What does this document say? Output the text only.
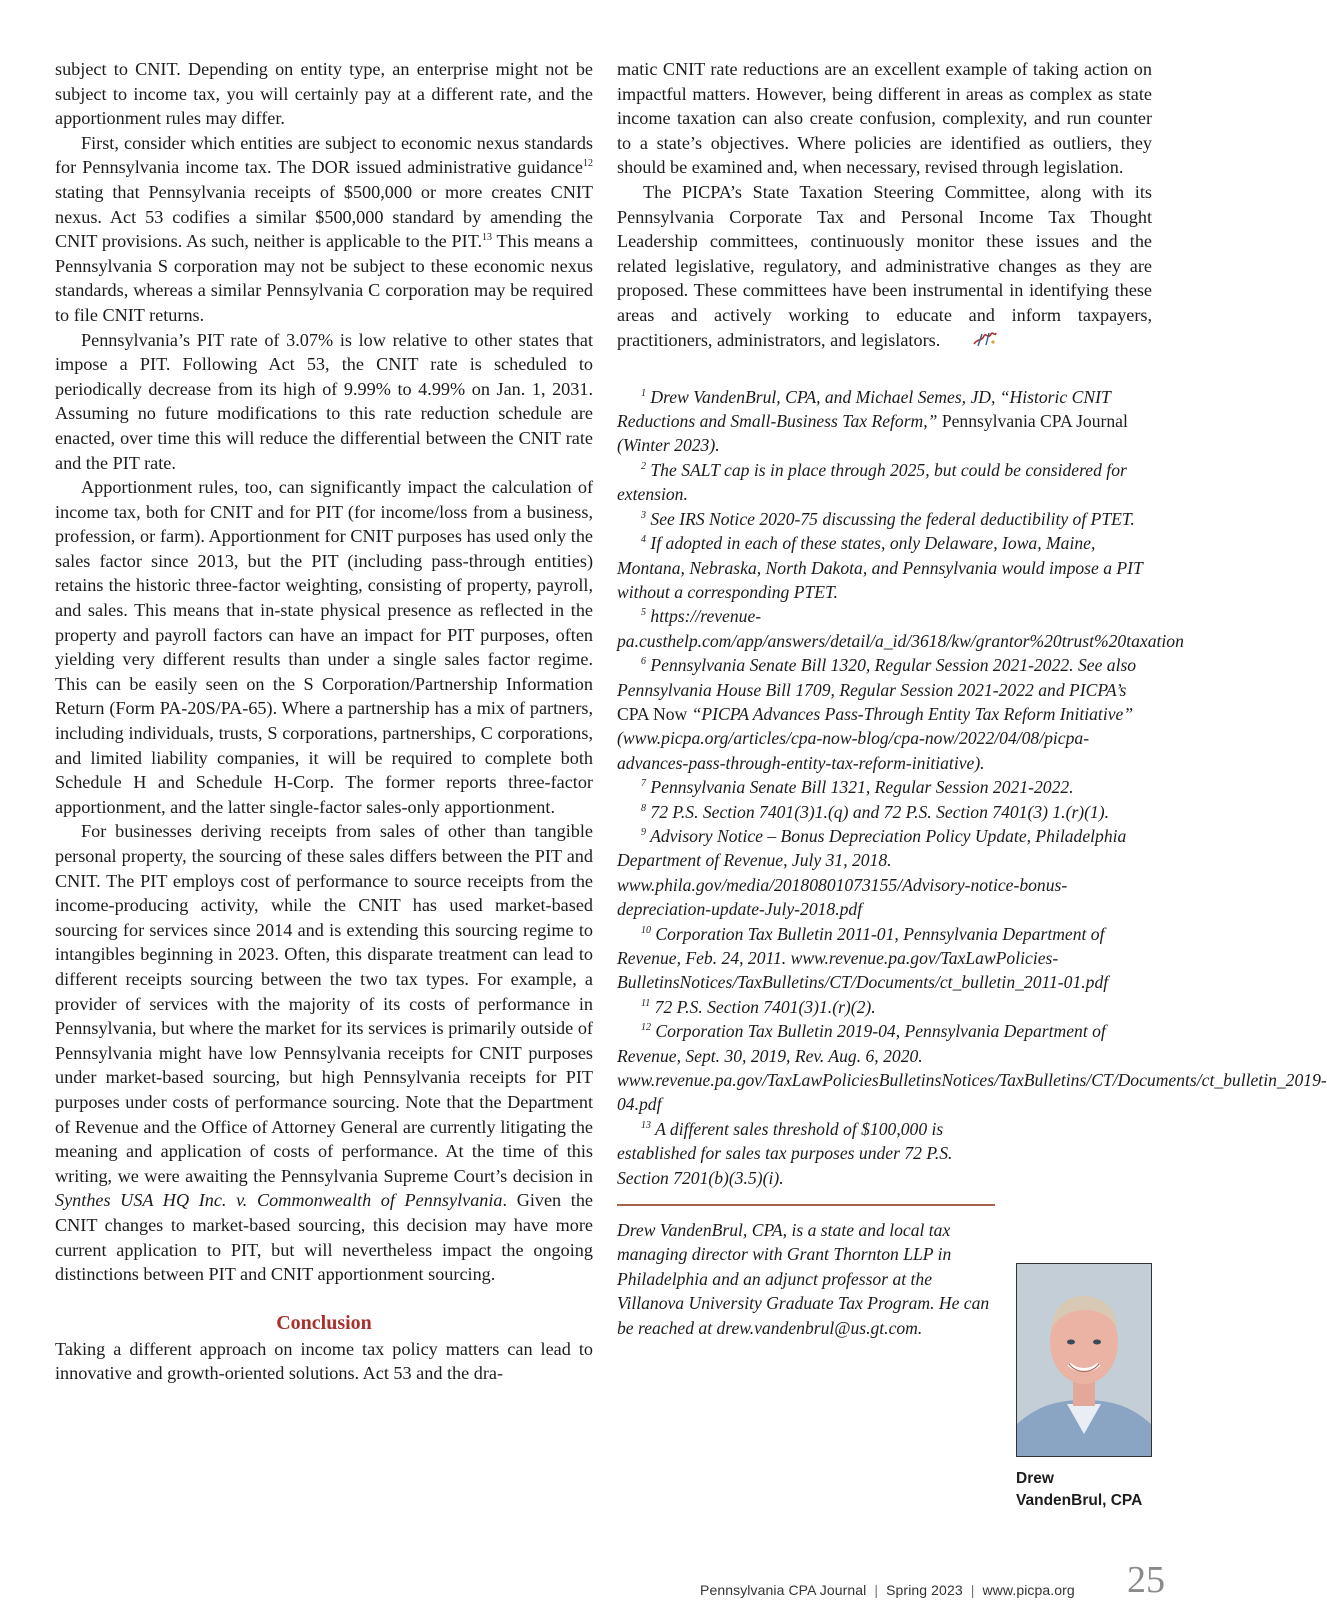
subject to CNIT. Depending on entity type, an enterprise might not be subject to income tax, you will certainly pay at a different rate, and the apportionment rules may differ.

First, consider which entities are subject to economic nexus standards for Pennsylvania income tax. The DOR issued administrative guidance$^{12}$ stating that Pennsylvania receipts of $500,000 or more creates CNIT nexus. Act 53 codifies a similar $500,000 standard by amending the CNIT provisions. As such, neither is applicable to the PIT.$^{13}$ This means a Pennsylvania S corporation may not be subject to these economic nexus standards, whereas a similar Pennsylvania C corporation may be required to file CNIT returns.

Pennsylvania’s PIT rate of 3.07% is low relative to other states that impose a PIT. Following Act 53, the CNIT rate is scheduled to periodically decrease from its high of 9.99% to 4.99% on Jan. 1, 2031. Assuming no future modifications to this rate reduction schedule are enacted, over time this will reduce the differential between the CNIT rate and the PIT rate.

Apportionment rules, too, can significantly impact the calculation of income tax, both for CNIT and for PIT (for income/loss from a business, profession, or farm). Apportionment for CNIT purposes has used only the sales factor since 2013, but the PIT (including pass-through entities) retains the historic three-factor weighting, consisting of property, payroll, and sales. This means that in-state physical presence as reflected in the property and payroll factors can have an impact for PIT purposes, often yielding very different results than under a single sales factor regime. This can be easily seen on the S Corporation/Partnership Information Return (Form PA-20S/PA-65). Where a partnership has a mix of partners, including individuals, trusts, S corporations, partnerships, C corporations, and limited liability companies, it will be required to complete both Schedule H and Schedule H-Corp. The former reports three-factor apportionment, and the latter single-factor sales-only apportionment.

For businesses deriving receipts from sales of other than tangible personal property, the sourcing of these sales differs between the PIT and CNIT. The PIT employs cost of performance to source receipts from the income-producing activity, while the CNIT has used market-based sourcing for services since 2014 and is extending this sourcing regime to intangibles beginning in 2023. Often, this disparate treatment can lead to different receipts sourcing between the two tax types. For example, a provider of services with the majority of its costs of performance in Pennsylvania, but where the market for its services is primarily outside of Pennsylvania might have low Pennsylvania receipts for CNIT purposes under market-based sourcing, but high Pennsylvania receipts for PIT purposes under costs of performance sourcing. Note that the Department of Revenue and the Office of Attorney General are currently litigating the meaning and application of costs of performance. At the time of this writing, we were awaiting the Pennsylvania Supreme Court’s decision in Synthes USA HQ Inc. v. Commonwealth of Pennsylvania. Given the CNIT changes to market-based sourcing, this decision may have more current application to PIT, but will nevertheless impact the ongoing distinctions between PIT and CNIT apportionment sourcing.

Conclusion

Taking a different approach on income tax policy matters can lead to innovative and growth-oriented solutions. Act 53 and the dra-

matic CNIT rate reductions are an excellent example of taking action on impactful matters. However, being different in areas as complex as state income taxation can also create confusion, complexity, and run counter to a state’s objectives. Where policies are identified as outliers, they should be examined and, when necessary, revised through legislation.

The PICPA’s State Taxation Steering Committee, along with its Pennsylvania Corporate Tax and Personal Income Tax Thought Leadership committees, continuously monitor these issues and the related legislative, regulatory, and administrative changes as they are proposed. These committees have been instrumental in identifying these areas and actively working to educate and inform taxpayers, practitioners, administrators, and legislators.

$^1$ Drew VandenBrul, CPA, and Michael Semes, JD, “Historic CNIT Reductions and Small-Business Tax Reform,” Pennsylvania CPA Journal (Winter 2023).

$^2$ The SALT cap is in place through 2025, but could be considered for extension.

$^3$ See IRS Notice 2020-75 discussing the federal deductibility of PTET.

$^4$ If adopted in each of these states, only Delaware, Iowa, Maine, Montana, Nebraska, North Dakota, and Pennsylvania would impose a PIT without a corresponding PTET.

$^5$ https://revenue-pa.custhelp.com/app/answers/detail/a_id/3618/kw/grantor%20trust%20taxation

$^6$ Pennsylvania Senate Bill 1320, Regular Session 2021-2022. See also Pennsylvania House Bill 1709, Regular Session 2021-2022 and PICPA’s CPA Now “PICPA Advances Pass-Through Entity Tax Reform Initiative” (www.picpa.org/articles/cpa-now-blog/cpa-now/2022/04/08/picpa-advances-pass-through-entity-tax-reform-initiative).

$^7$ Pennsylvania Senate Bill 1321, Regular Session 2021-2022.

$^8$ 72 P.S. Section 7401(3)1.(q) and 72 P.S. Section 7401(3) 1.(r)(1).

$^9$ Advisory Notice – Bonus Depreciation Policy Update, Philadelphia Department of Revenue, July 31, 2018. www.phila.gov/media/20180801073155/Advisory-notice-bonus-depreciation-update-July-2018.pdf

$^{10}$ Corporation Tax Bulletin 2011-01, Pennsylvania Department of Revenue, Feb. 24, 2011. www.revenue.pa.gov/TaxLawPolicies-BulletinsNotices/TaxBulletins/CT/Documents/ct_bulletin_2011-01.pdf

$^{11}$ 72 P.S. Section 7401(3)1.(r)(2).

$^{12}$ Corporation Tax Bulletin 2019-04, Pennsylvania Department of Revenue, Sept. 30, 2019, Rev. Aug. 6, 2020. www.revenue.pa.gov/TaxLawPoliciesBulletinsNotices/TaxBulletins/CT/Documents/ct_bulletin_2019-04.pdf

$^{13}$ A different sales threshold of $100,000 is established for sales tax purposes under 72 P.S. Section 7201(b)(3.5)(i).

Drew VandenBrul, CPA, is a state and local tax managing director with Grant Thornton LLP in Philadelphia and an adjunct professor at the Villanova University Graduate Tax Program. He can be reached at drew.vandenbrul@us.gt.com.

Drew
VandenBrul, CPA
Pennsylvania CPA Journal | Spring 2023 | www.picpa.org 25
